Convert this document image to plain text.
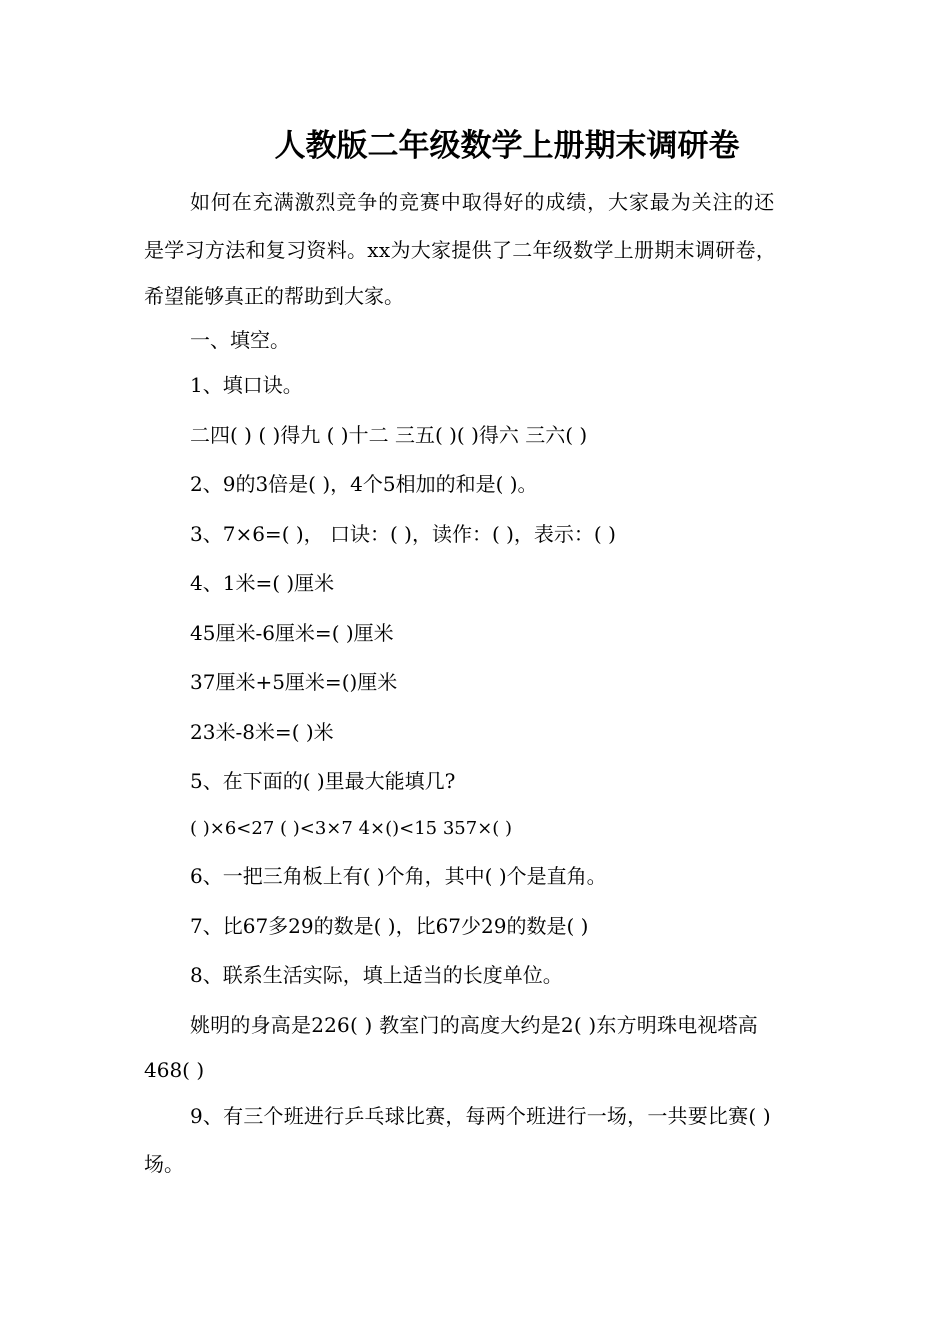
人教版二年级数学上册期末调研卷
如何在充满激烈竞争的竞赛中取得好的成绩，大家最为关注的还
是学习方法和复习资料。xx为大家提供了二年级数学上册期末调研卷，
希望能够真正的帮助到大家。
一、填空。
1、填口诀。
二四( ) ( )得九 ( )十二 三五( )( )得六 三六( )
2、9的3倍是( )，4个5相加的和是( )。
3、7×6=( )， 口诀：( )，读作：( )，表示：( )
4、1米=( )厘米
45厘米-6厘米=( )厘米
37厘米+5厘米=()厘米
23米-8米=( )米
5、在下面的( )里最大能填几?
( )×6<27 ( )<3×7 4×()<15 357×( )
6、一把三角板上有( )个角，其中( )个是直角。
7、比67多29的数是( )，比67少29的数是( )
8、联系生活实际，填上适当的长度单位。
姚明的身高是226( ) 教室门的高度大约是2( )东方明珠电视塔高
468( )
9、有三个班进行乒乓球比赛，每两个班进行一场，一共要比赛( )
场。
